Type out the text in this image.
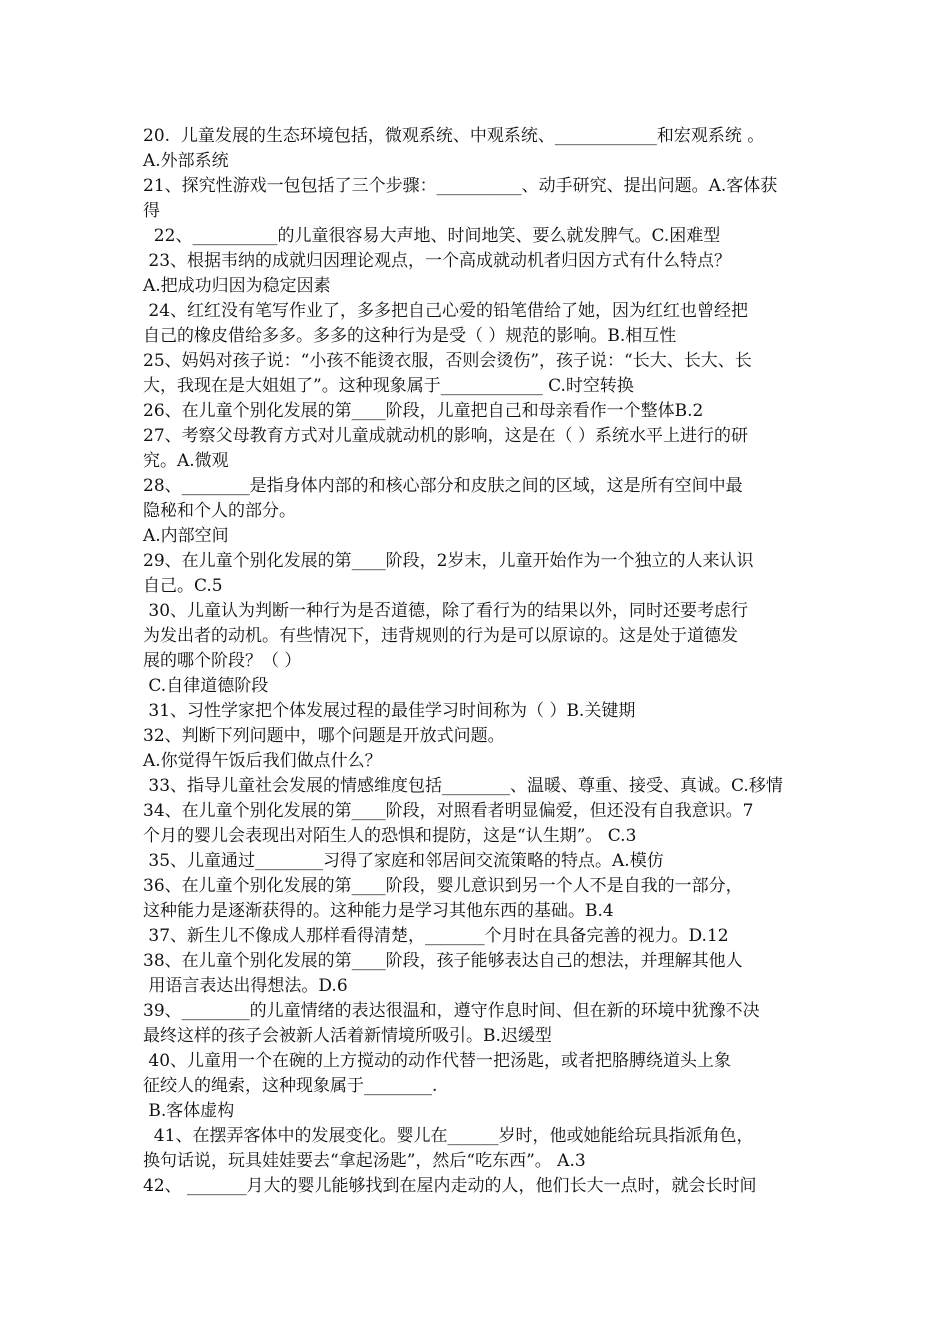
20.  儿童发展的生态环境包括，微观系统、中观系统、____________和宏观系统 。
A.外部系统
21、探究性游戏一包包括了三个步骤：__________、动手研究、提出问题。A.客体获
得
22、__________的儿童很容易大声地、时间地笑、要么就发脾气。C.困难型
23、根据韦纳的成就归因理论观点，一个高成就动机者归因方式有什么特点？
A.把成功归因为稳定因素
24、红红没有笔写作业了，多多把自己心爱的铅笔借给了她，因为红红也曾经把
自己的橡皮借给多多。多多的这种行为是受（ ）规范的影响。B.相互性
25、妈妈对孩子说：“小孩不能烫衣服，否则会烫伤”，孩子说：“长大、长大、长
大，我现在是大姐姐了”。这种现象属于____________ C.时空转换
26、在儿童个别化发展的第____阶段，儿童把自己和母亲看作一个整体B.2
27、考察父母教育方式对儿童成就动机的影响，这是在（ ）系统水平上进行的研
究。A.微观
28、________是指身体内部的和核心部分和皮肤之间的区域，这是所有空间中最
隐秘和个人的部分。
A.内部空间
29、在儿童个别化发展的第____阶段，2岁末，儿童开始作为一个独立的人来认识
自己。C.5
30、儿童认为判断一种行为是否道德，除了看行为的结果以外，同时还要考虑行
为发出者的动机。有些情况下，违背规则的行为是可以原谅的。这是处于道德发
展的哪个阶段？（ ）
C.自律道德阶段
31、习性学家把个体发展过程的最佳学习时间称为（ ）B.关键期
32、判断下列问题中，哪个问题是开放式问题。
A.你觉得午饭后我们做点什么？
33、指导儿童社会发展的情感维度包括________、温暖、尊重、接受、真诚。C.移情
34、在儿童个别化发展的第____阶段，对照看者明显偏爱，但还没有自我意识。7
个月的婴儿会表现出对陌生人的恐惧和提防，这是“认生期”。 C.3
35、儿童通过________习得了家庭和邻居间交流策略的特点。A.模仿
36、在儿童个别化发展的第____阶段，婴儿意识到另一个人不是自我的一部分，
这种能力是逐渐获得的。这种能力是学习其他东西的基础。B.4
37、新生儿不像成人那样看得清楚，_______个月时在具备完善的视力。D.12
38、在儿童个别化发展的第____阶段，孩子能够表达自己的想法，并理解其他人
用语言表达出得想法。D.6
39、________的儿童情绪的表达很温和，遵守作息时间、但在新的环境中犹豫不决
最终这样的孩子会被新人活着新情境所吸引。B.迟缓型
40、儿童用一个在碗的上方搅动的动作代替一把汤匙，或者把胳膊绕道头上象
征绞人的绳索，这种现象属于________.
B.客体虚构
41、在摆弄客体中的发展变化。婴儿在______岁时，他或她能给玩具指派角色，
换句话说，玩具娃娃要去“拿起汤匙”，然后“吃东西”。 A.3
42、 _______月大的婴儿能够找到在屋内走动的人，他们长大一点时，就会长时间
